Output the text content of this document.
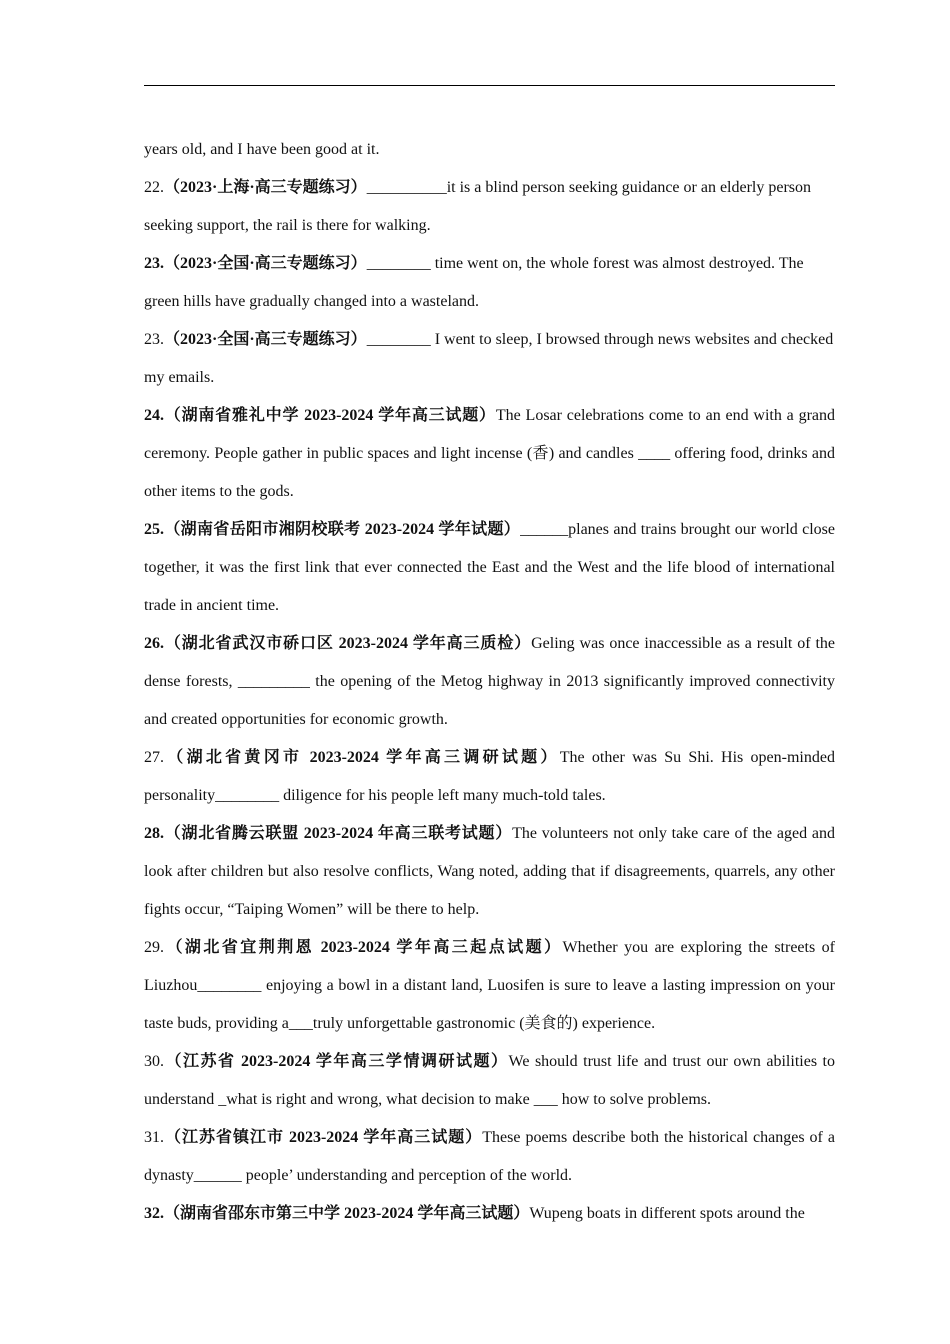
years old, and I have been good at it.

22.（2023·上海·高三专题练习）__________it is a blind person seeking guidance or an elderly person seeking support, the rail is there for walking.

23.（2023·全国·高三专题练习）________ time went on, the whole forest was almost destroyed. The green hills have gradually changed into a wasteland.

23.（2023·全国·高三专题练习）________ I went to sleep, I browsed through news websites and checked my emails.

24.（湖南省雅礼中学 2023-2024 学年高三试题）The Losar celebrations come to an end with a grand ceremony. People gather in public spaces and light incense (香) and candles ____ offering food, drinks and other items to the gods.

25.（湖南省岳阳市湘阴校联考 2023-2024 学年试题）______planes and trains brought our world close together, it was the first link that ever connected the East and the West and the life blood of international trade in ancient time.

26.（湖北省武汉市硚口区 2023-2024 学年高三质检）Geling was once inaccessible as a result of the dense forests, _________ the opening of the Metog highway in 2013 significantly improved connectivity and created opportunities for economic growth.

27.（湖北省黄冈市 2023-2024 学年高三调研试题）The other was Su Shi. His open-minded personality________ diligence for his people left many much-told tales.

28.（湖北省腾云联盟 2023-2024 年高三联考试题）The volunteers not only take care of the aged and look after children but also resolve conflicts, Wang noted, adding that if disagreements, quarrels, any other fights occur, “Taiping Women” will be there to help.

29.（湖北省宜荆荆恩 2023-2024 学年高三起点试题）Whether you are exploring the streets of Liuzhou________ enjoying a bowl in a distant land, Luosifen is sure to leave a lasting impression on your taste buds, providing a___truly unforgettable gastronomic (美食的) experience.

30.（江苏省 2023-2024 学年高三学情调研试题）We should trust life and trust our own abilities to understand _what is right and wrong, what decision to make ___ how to solve problems.

31.（江苏省镇江市 2023-2024 学年高三试题）These poems describe both the historical changes of a dynasty______ people’ understanding and perception of the world.

32.（湖南省邵东市第三中学 2023-2024 学年高三试题）Wupeng boats in different spots around the
